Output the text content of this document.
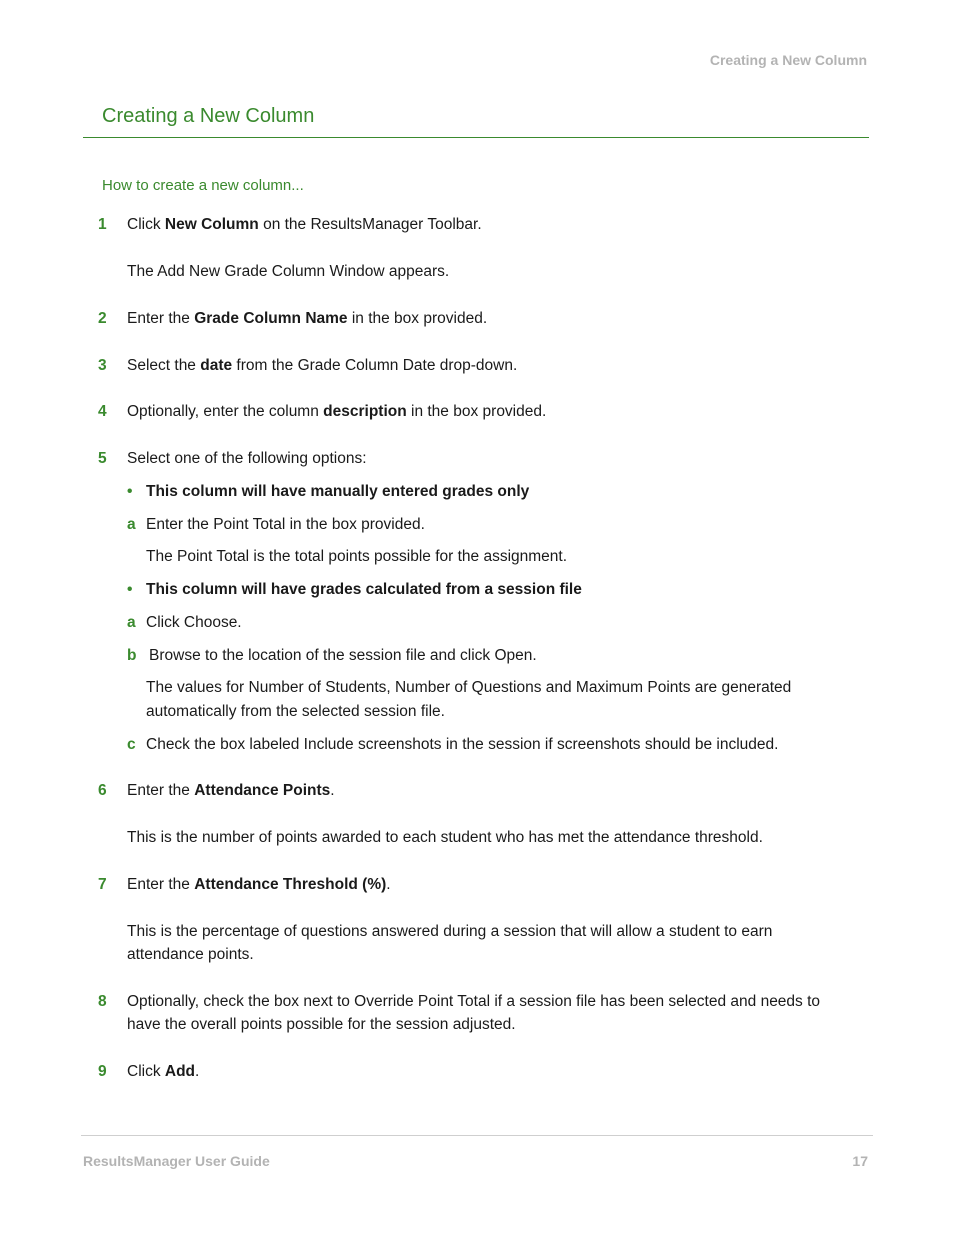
Creating a New Column
Creating a New Column
How to create a new column...
1 Click New Column on the ResultsManager Toolbar.
The Add New Grade Column Window appears.
2 Enter the Grade Column Name in the box provided.
3 Select the date from the Grade Column Date drop-down.
4 Optionally, enter the column description in the box provided.
5 Select one of the following options:
• This column will have manually entered grades only
a Enter the Point Total in the box provided.
The Point Total is the total points possible for the assignment.
• This column will have grades calculated from a session file
a Click Choose.
b Browse to the location of the session file and click Open.
The values for Number of Students, Number of Questions and Maximum Points are generated
automatically from the selected session file.
c Check the box labeled Include screenshots in the session if screenshots should be included.
6 Enter the Attendance Points.
This is the number of points awarded to each student who has met the attendance threshold.
7 Enter the Attendance Threshold (%).
This is the percentage of questions answered during a session that will allow a student to earn
attendance points.
8 Optionally, check the box next to Override Point Total if a session file has been selected and needs to
have the overall points possible for the session adjusted.
9 Click Add.
ResultsManager User Guide	17
